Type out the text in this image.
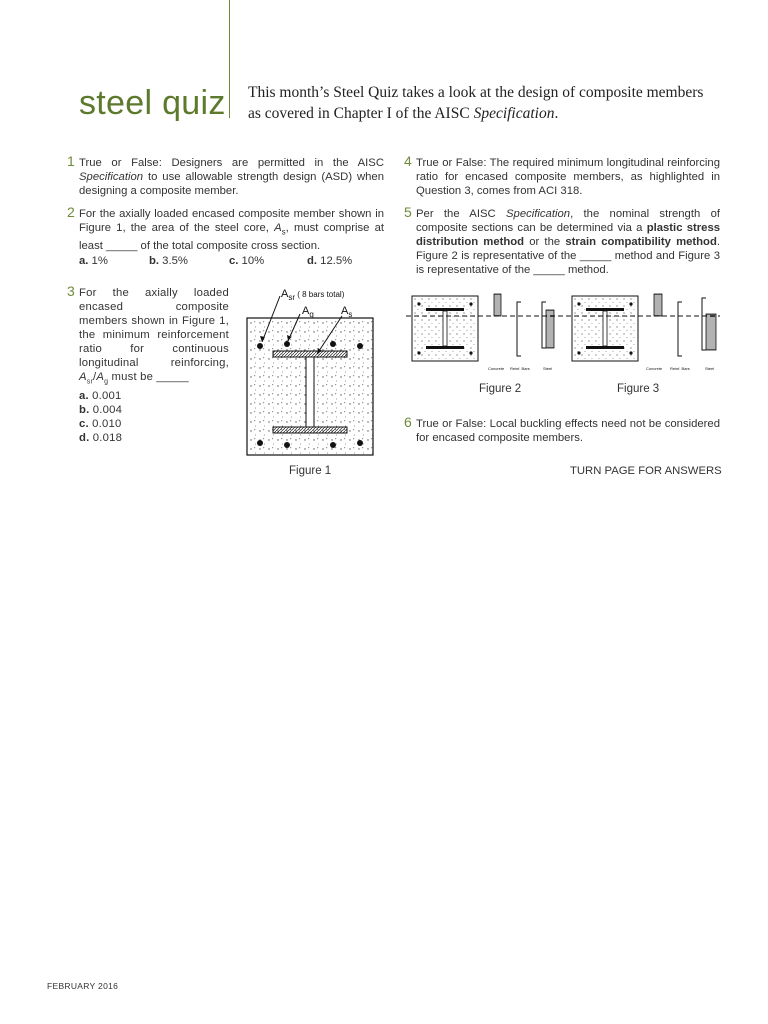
steel quiz This month’s Steel Quiz takes a look at the design of composite members as covered in Chapter I of the AISC Specification.
1 True or False: Designers are permitted in the AISC Specification to use allowable strength design (ASD) when designing a composite member.
2 For the axially loaded encased composite member shown in Figure 1, the area of the steel core, $A_s$, must comprise at least _____ of the total composite cross section.
a. 1%	b. 3.5%	c. 10%	d. 12.5%
3 For the axially loaded encased composite members shown in Figure 1, the minimum reinforcement ratio for continuous longitudinal reinforcing, $A_{sr}/A_g$ must be _____
a. 0.001
b. 0.004
c. 0.010
d. 0.018
$A_{sr}$ $^{( 8 bars total)}$
$A_g$ $A_s$
Figure 1
4 True or False: The required minimum longitudinal reinforcing ratio for encased composite members, as highlighted in Question 3, comes from ACI 318.
5 Per the AISC Specification, the nominal strength of composite sections can be determined via a plastic stress distribution method or the strain compatibility method. Figure 2 is representative of the _____ method and Figure 3 is representative of the _____ method.
Concrete Reinf. Bars	Steel
Figure 2
Concrete Reinf. Bars	Steel
Figure 3
6 True or False: Local buckling effects need not be considered for encased composite members.
TURN PAGE FOR ANSWERS
FEBRUARY 2016
